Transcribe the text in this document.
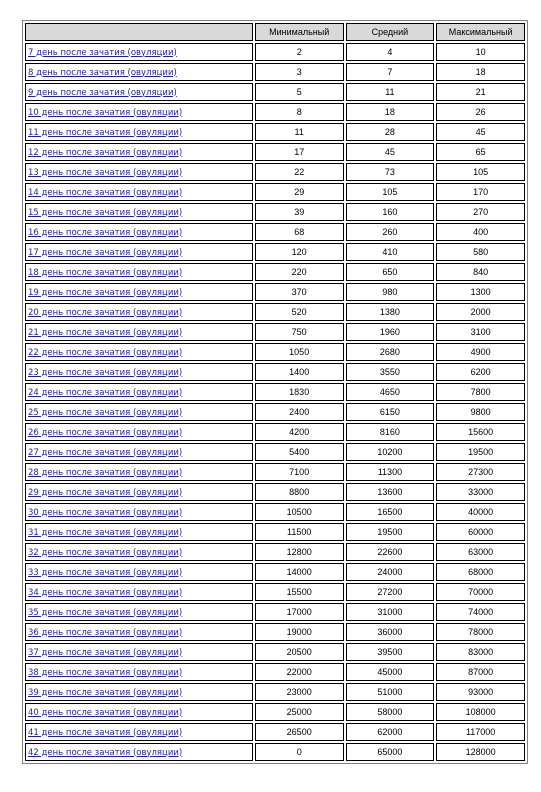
	Минимальный	Средний	Максимальный
7 день после зачатия (овуляции)	2	4	10
8 день после зачатия (овуляции)	3	7	18
9 день после зачатия (овуляции)	5	11	21
10 день после зачатия (овуляции)	8	18	26
11 день после зачатия (овуляции)	11	28	45
12 день после зачатия (овуляции)	17	45	65
13 день после зачатия (овуляции)	22	73	105
14 день после зачатия (овуляции)	29	105	170
15 день после зачатия (овуляции)	39	160	270
16 день после зачатия (овуляции)	68	260	400
17 день после зачатия (овуляции)	120	410	580
18 день после зачатия (овуляции)	220	650	840
19 день после зачатия (овуляции)	370	980	1300
20 день после зачатия (овуляции)	520	1380	2000
21 день после зачатия (овуляции)	750	1960	3100
22 день после зачатия (овуляции)	1050	2680	4900
23 день после зачатия (овуляции)	1400	3550	6200
24 день после зачатия (овуляции)	1830	4650	7800
25 день после зачатия (овуляции)	2400	6150	9800
26 день после зачатия (овуляции)	4200	8160	15600
27 день после зачатия (овуляции)	5400	10200	19500
28 день после зачатия (овуляции)	7100	11300	27300
29 день после зачатия (овуляции)	8800	13600	33000
30 день после зачатия (овуляции)	10500	16500	40000
31 день после зачатия (овуляции)	11500	19500	60000
32 день после зачатия (овуляции)	12800	22600	63000
33 день после зачатия (овуляции)	14000	24000	68000
34 день после зачатия (овуляции)	15500	27200	70000
35 день после зачатия (овуляции)	17000	31000	74000
36 день после зачатия (овуляции)	19000	36000	78000
37 день после зачатия (овуляции)	20500	39500	83000
38 день после зачатия (овуляции)	22000	45000	87000
39 день после зачатия (овуляции)	23000	51000	93000
40 день после зачатия (овуляции)	25000	58000	108000
41 день после зачатия (овуляции)	26500	62000	117000
42 день после зачатия (овуляции)	0	65000	128000
